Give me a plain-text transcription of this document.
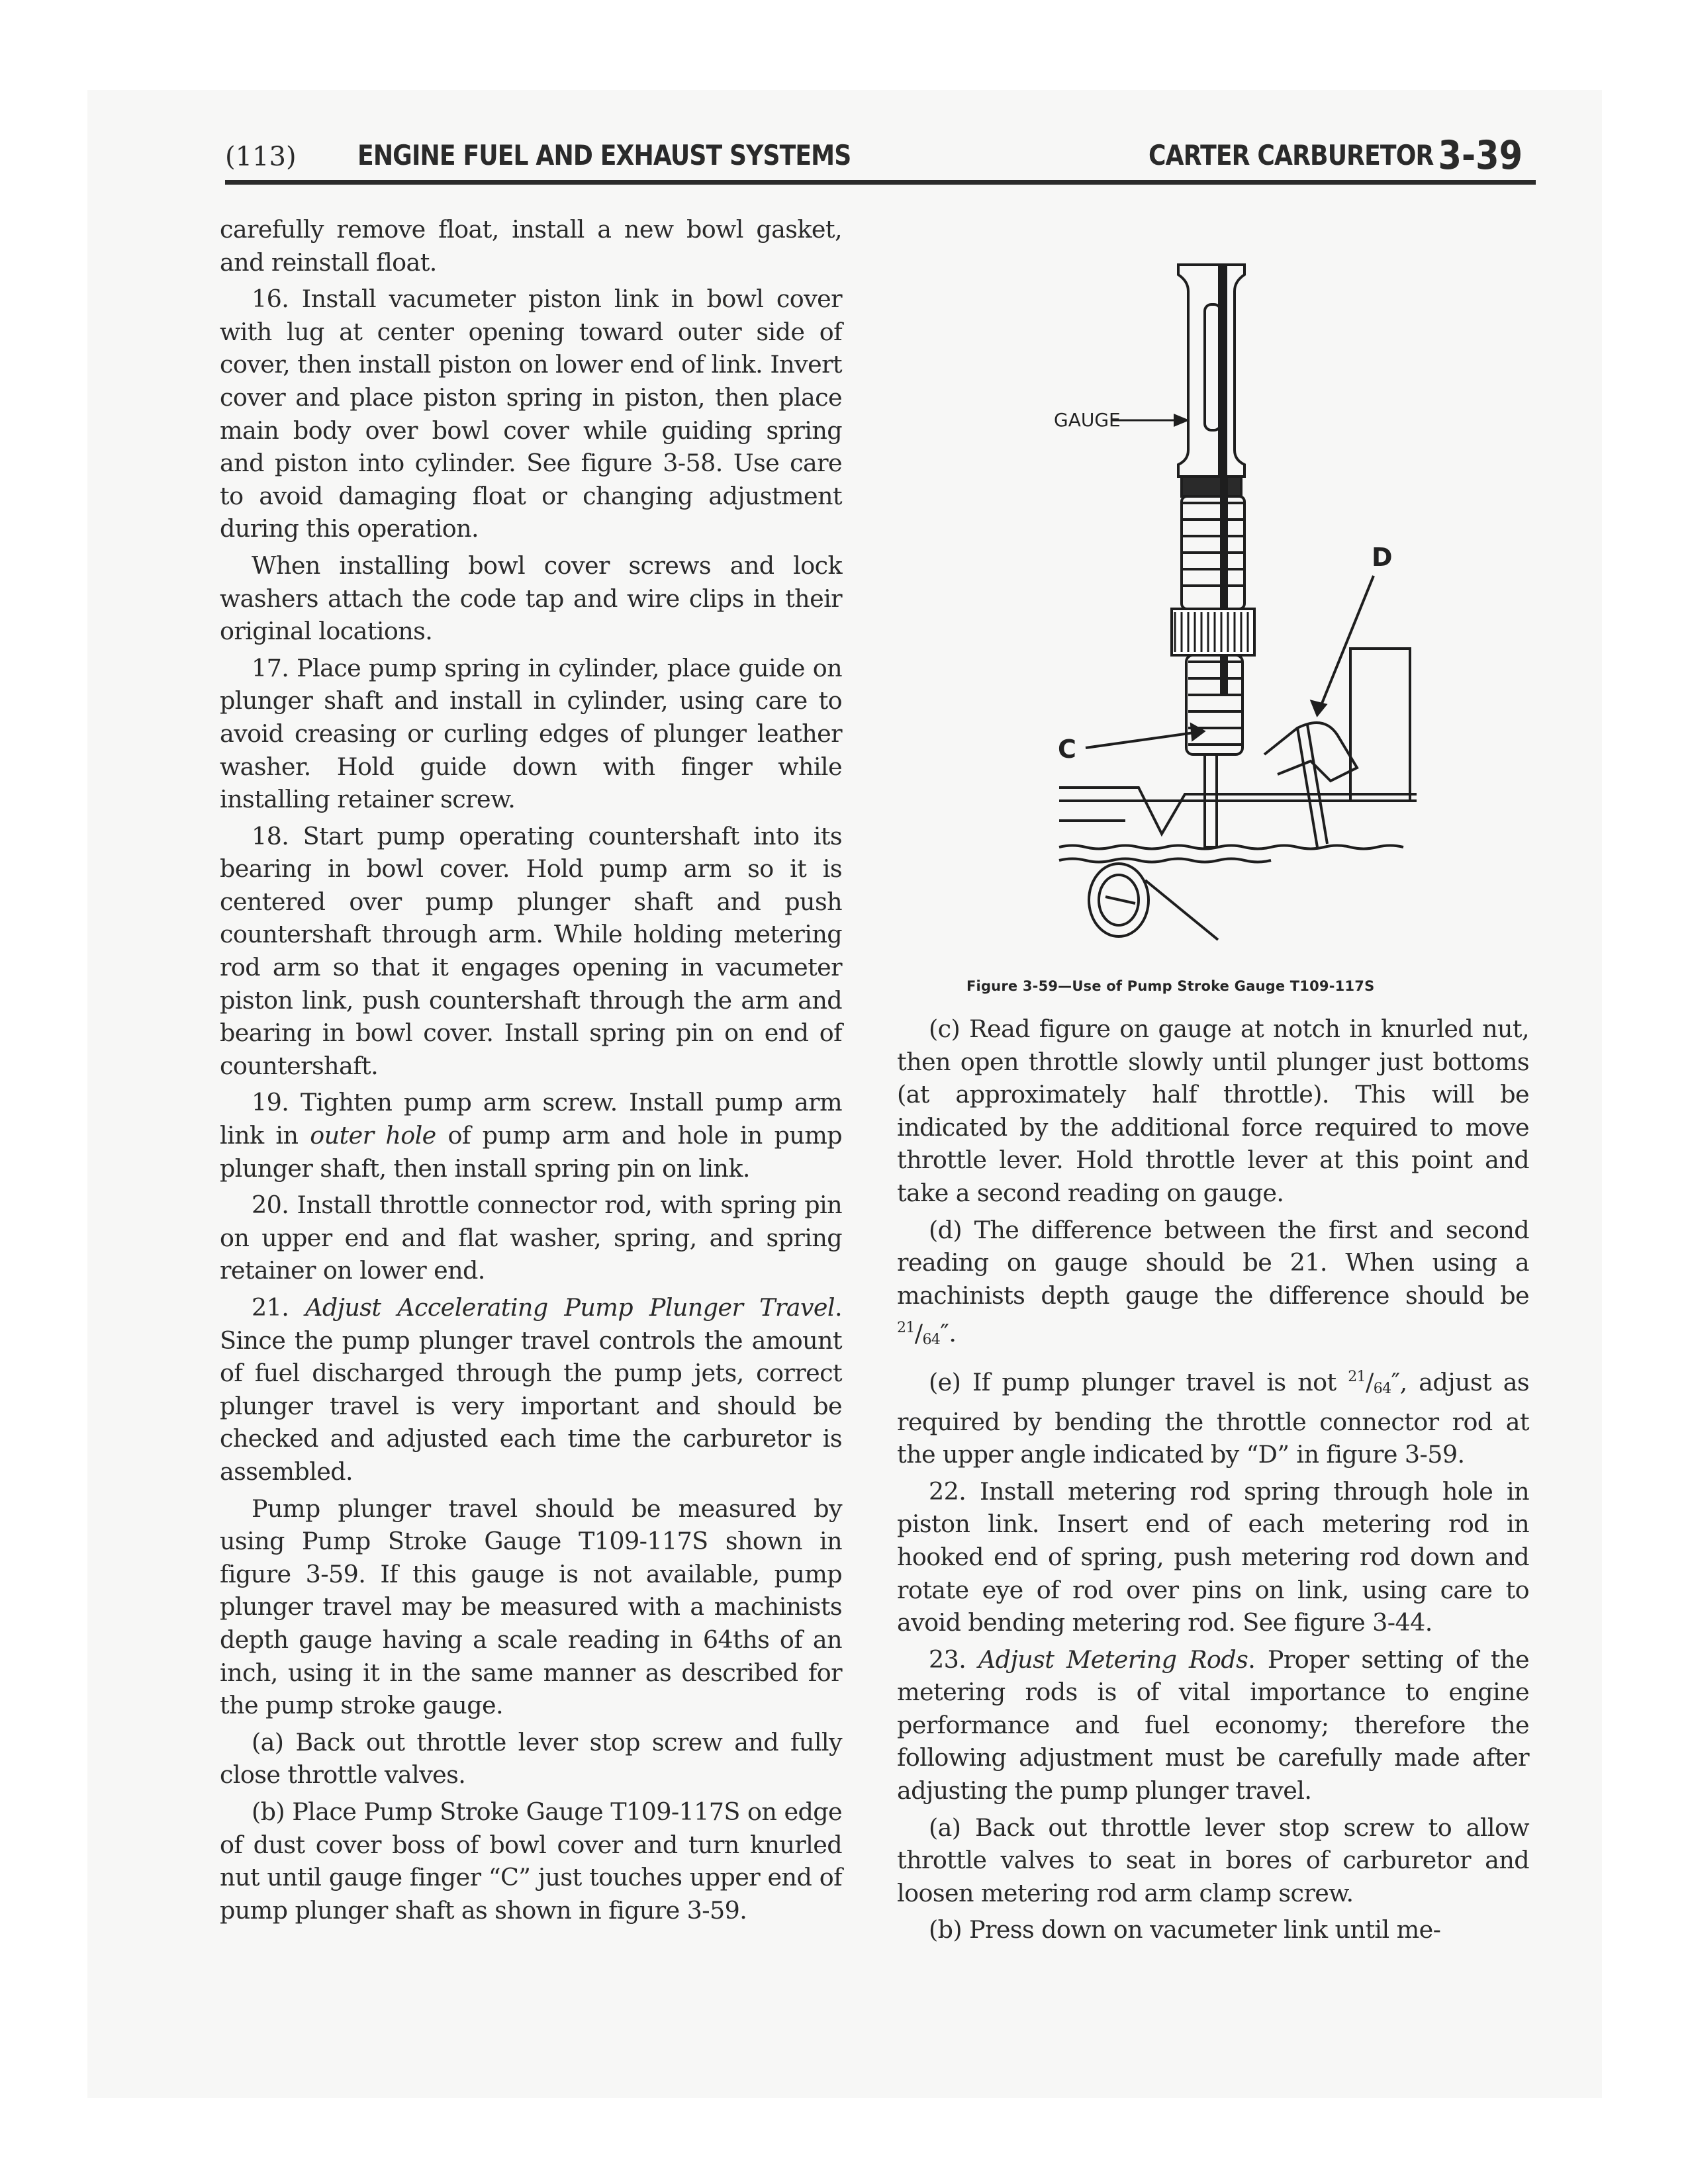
(113) ENGINE FUEL AND EXHAUST SYSTEMS	CARTER CARBURETOR 3-39

carefully remove float, install a new bowl gasket, and reinstall float.

16. Install vacumeter piston link in bowl cover with lug at center opening toward outer side of cover, then install piston on lower end of link. Invert cover and place piston spring in piston, then place main body over bowl cover while guiding spring and piston into cylinder. See figure 3-58. Use care to avoid damaging float or changing adjustment during this operation.

When installing bowl cover screws and lock washers attach the code tap and wire clips in their original locations.

17. Place pump spring in cylinder, place guide on plunger shaft and install in cylinder, using care to avoid creasing or curling edges of plunger leather washer. Hold guide down with finger while installing retainer screw.

18. Start pump operating countershaft into its bearing in bowl cover. Hold pump arm so it is centered over pump plunger shaft and push countershaft through arm. While holding metering rod arm so that it engages opening in vacumeter piston link, push countershaft through the arm and bearing in bowl cover. Install spring pin on end of countershaft.

19. Tighten pump arm screw. Install pump arm link in outer hole of pump arm and hole in pump plunger shaft, then install spring pin on link.

20. Install throttle connector rod, with spring pin on upper end and flat washer, spring, and spring retainer on lower end.

21. Adjust Accelerating Pump Plunger Travel. Since the pump plunger travel controls the amount of fuel discharged through the pump jets, correct plunger travel is very important and should be checked and adjusted each time the carburetor is assembled.

Pump plunger travel should be measured by using Pump Stroke Gauge T109-117S shown in figure 3-59. If this gauge is not available, pump plunger travel may be measured with a machinists depth gauge having a scale reading in 64ths of an inch, using it in the same manner as described for the pump stroke gauge.

(a) Back out throttle lever stop screw and fully close throttle valves.

(b) Place Pump Stroke Gauge T109-117S on edge of dust cover boss of bowl cover and turn knurled nut until gauge finger “C” just touches upper end of pump plunger shaft as shown in figure 3-59.

GAUGE
C
D
Figure 3-59—Use of Pump Stroke Gauge T109-117S

(c) Read figure on gauge at notch in knurled nut, then open throttle slowly until plunger just bottoms (at approximately half throttle). This will be indicated by the additional force required to move throttle lever. Hold throttle lever at this point and take a second reading on gauge.

(d) The difference between the first and second reading on gauge should be 21. When using a machinists depth gauge the difference should be $^{21}$/64″.

(e) If pump plunger travel is not $^{21}$/64″, adjust as required by bending the throttle connector rod at the upper angle indicated by “D” in figure 3-59.

22. Install metering rod spring through hole in piston link. Insert end of each metering rod in hooked end of spring, push metering rod down and rotate eye of rod over pins on link, using care to avoid bending metering rod. See figure 3-44.

23. Adjust Metering Rods. Proper setting of the metering rods is of vital importance to engine performance and fuel economy; therefore the following adjustment must be carefully made after adjusting the pump plunger travel.

(a) Back out throttle lever stop screw to allow throttle valves to seat in bores of carburetor and loosen metering rod arm clamp screw.

(b) Press down on vacumeter link until me-
